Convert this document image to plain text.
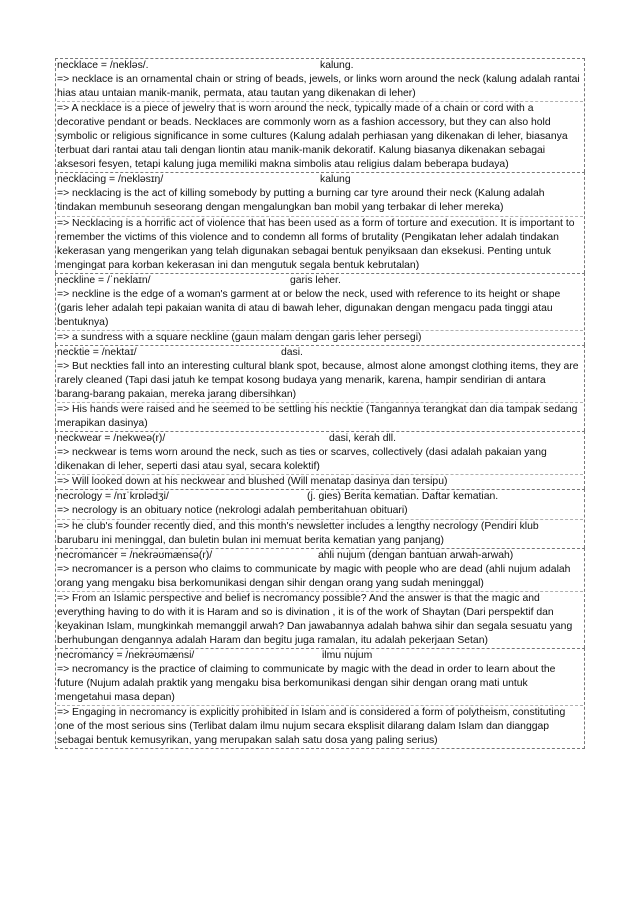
necklace = /nekləs/.	kalung.

=> necklace is an ornamental chain or string of beads, jewels, or links worn around the neck (kalung adalah rantai hias atau untaian manik-manik, permata, atau tautan yang dikenakan di leher)

=> A necklace is a piece of jewelry that is worn around the neck, typically made of a chain or cord with a decorative pendant or beads. Necklaces are commonly worn as a fashion accessory, but they can also hold symbolic or religious significance in some cultures (Kalung adalah perhiasan yang dikenakan di leher, biasanya terbuat dari rantai atau tali dengan liontin atau manik-manik dekoratif. Kalung biasanya dikenakan sebagai aksesori fesyen, tetapi kalung juga memiliki makna simbolis atau religius dalam beberapa budaya)

necklacing = /nekləsɪŋ/	kalung

=> necklacing is the act of killing somebody by putting a burning car tyre around their neck (Kalung adalah tindakan membunuh seseorang dengan mengalungkan ban mobil yang terbakar di leher mereka)

=> Necklacing is a horrific act of violence that has been used as a form of torture and execution. It is important to remember the victims of this violence and to condemn all forms of brutality (Pengikatan leher adalah tindakan kekerasan yang mengerikan yang telah digunakan sebagai bentuk penyiksaan dan eksekusi. Penting untuk mengingat para korban kekerasan ini dan mengutuk segala bentuk kebrutalan)

neckline = /ˈneklaɪn/	garis leher.

=> neckline is the edge of a woman's garment at or below the neck, used with reference to its height or shape (garis leher adalah tepi pakaian wanita di atau di bawah leher, digunakan dengan mengacu pada tinggi atau bentuknya)

=> a sundress with a square neckline (gaun malam dengan garis leher persegi)

necktie = /nektaɪ/	dasi.

=> But neckties fall into an interesting cultural blank spot, because, almost alone amongst clothing items, they are rarely cleaned (Tapi dasi jatuh ke tempat kosong budaya yang menarik, karena, hampir sendirian di antara barang-barang pakaian, mereka jarang dibersihkan)

=> His hands were raised and he seemed to be settling his necktie (Tangannya terangkat dan dia tampak sedang merapikan dasinya)

neckwear = /nekweə(r)/	dasi, kerah dll.

=> neckwear is tems worn around the neck, such as ties or scarves, collectively (dasi adalah pakaian yang dikenakan di leher, seperti dasi atau syal, secara kolektif)

=> Will looked down at his neckwear and blushed (Will menatap dasinya dan tersipu)

necrology = /nɪˈkrɒlədʒi/	(j. gies) Berita kematian. Daftar kematian.

=> necrology is an obituary notice (nekrologi adalah pemberitahuan obituari)

=> he club's founder recently died, and this month's newsletter includes a lengthy necrology (Pendiri klub barubaru ini meninggal, dan buletin bulan ini memuat berita kematian yang panjang)

necromancer = /nekrəʊmænsə(r)/	ahli nujum (dengan bantuan arwah-arwah)

=> necromancer is a person who claims to communicate by magic with people who are dead (ahli nujum adalah orang yang mengaku bisa berkomunikasi dengan sihir dengan orang yang sudah meninggal)

=> From an Islamic perspective and belief is necromancy possible? And the answer is that the magic and everything having to do with it is Haram and so is divination , it is of the work of Shaytan (Dari perspektif dan keyakinan Islam, mungkinkah memanggil arwah? Dan jawabannya adalah bahwa sihir dan segala sesuatu yang berhubungan dengannya adalah Haram dan begitu juga ramalan, itu adalah pekerjaan Setan)

necromancy = /nekrəʊmænsi/	ilmu nujum

=> necromancy is the practice of claiming to communicate by magic with the dead in order to learn about the future (Nujum adalah praktik yang mengaku bisa berkomunikasi dengan sihir dengan orang mati untuk mengetahui masa depan)

=> Engaging in necromancy is explicitly prohibited in Islam and is considered a form of polytheism, constituting one of the most serious sins (Terlibat dalam ilmu nujum secara eksplisit dilarang dalam Islam dan dianggap sebagai bentuk kemusyrikan, yang merupakan salah satu dosa yang paling serius)
